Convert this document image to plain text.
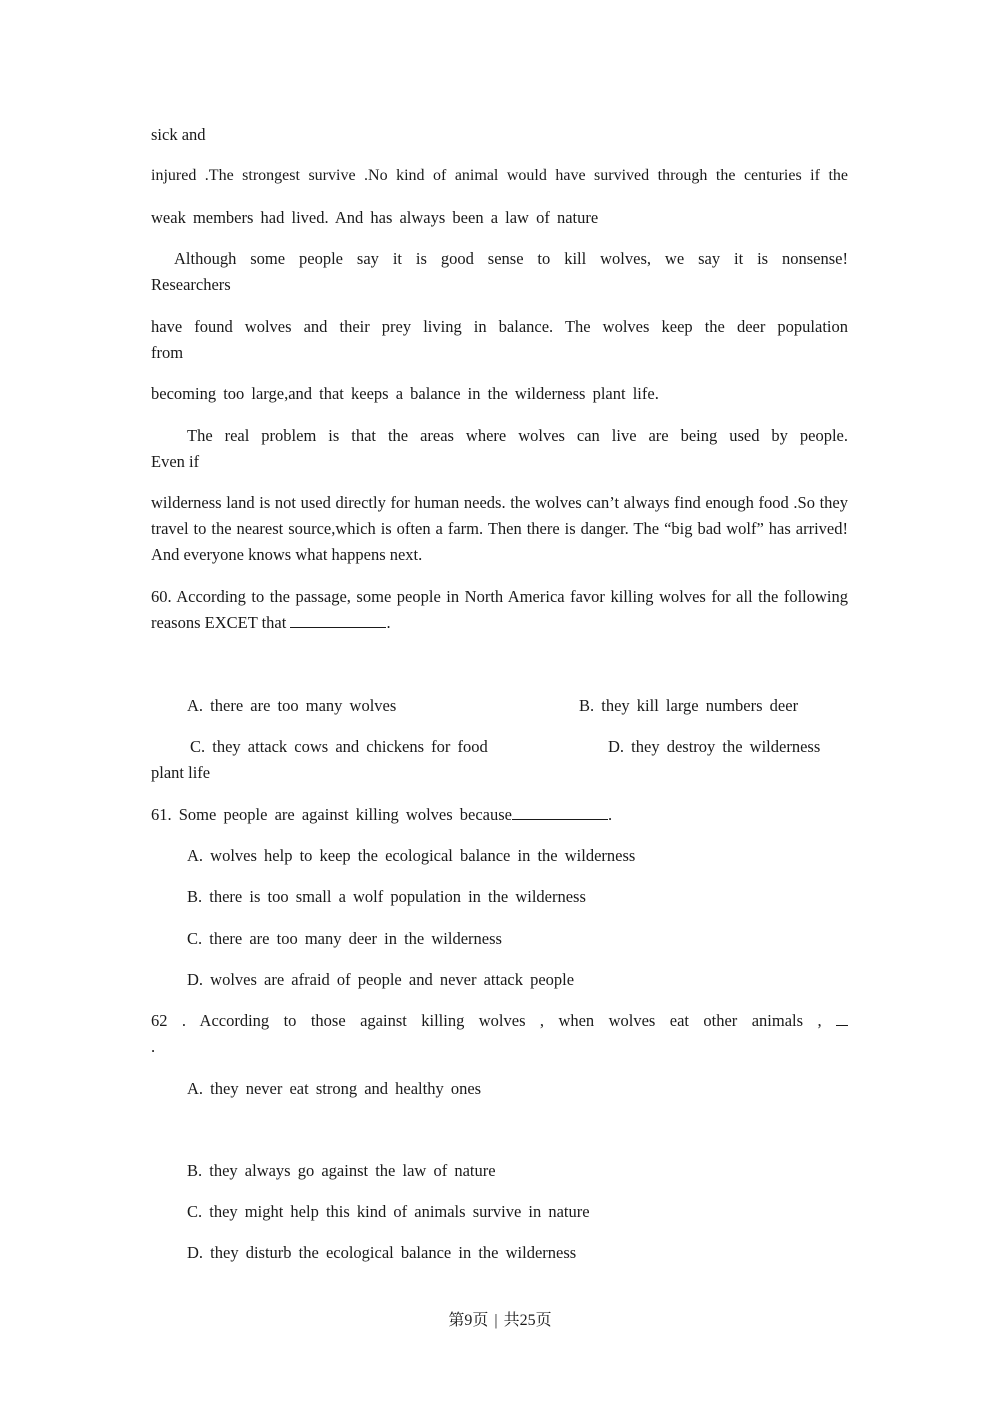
sick and
injured .The strongest survive .No kind of animal would have survived through the centuries if the
weak members had lived. And has always been a law of nature
Although some people say it is good sense to kill wolves, we say it is nonsense!
Researchers
have found wolves and their prey living in balance. The wolves keep the deer population
from
becoming too large,and that keeps a balance in the wilderness plant life.
The real problem is that the areas where wolves can live are being used by people.
Even if
wilderness land is not used directly for human needs. the wolves can’t always find enough food .So they travel to the nearest source,which is often a farm. Then there is danger. The “big bad wolf” has arrived! And everyone knows what happens next.
60. According to the passage, some people in North America favor killing wolves for all the following reasons EXCET that	.
A. there are too many wolves	B. they kill large numbers deer
C. they attack cows and chickens for food	D. they destroy the wilderness
plant life
61. Some people are against killing wolves because	.
A. wolves help to keep the ecological balance in the wilderness
B. there is too small a wolf population in the wilderness
C. there are too many deer in the wilderness
D. wolves are afraid of people and never attack people
62 . According to those against killing wolves , when wolves eat other animals ,
.
A. they never eat strong and healthy ones
B. they always go against the law of nature
C. they might help this kind of animals survive in nature
D. they disturb the ecological balance in the wilderness
第9页 | 共25页
